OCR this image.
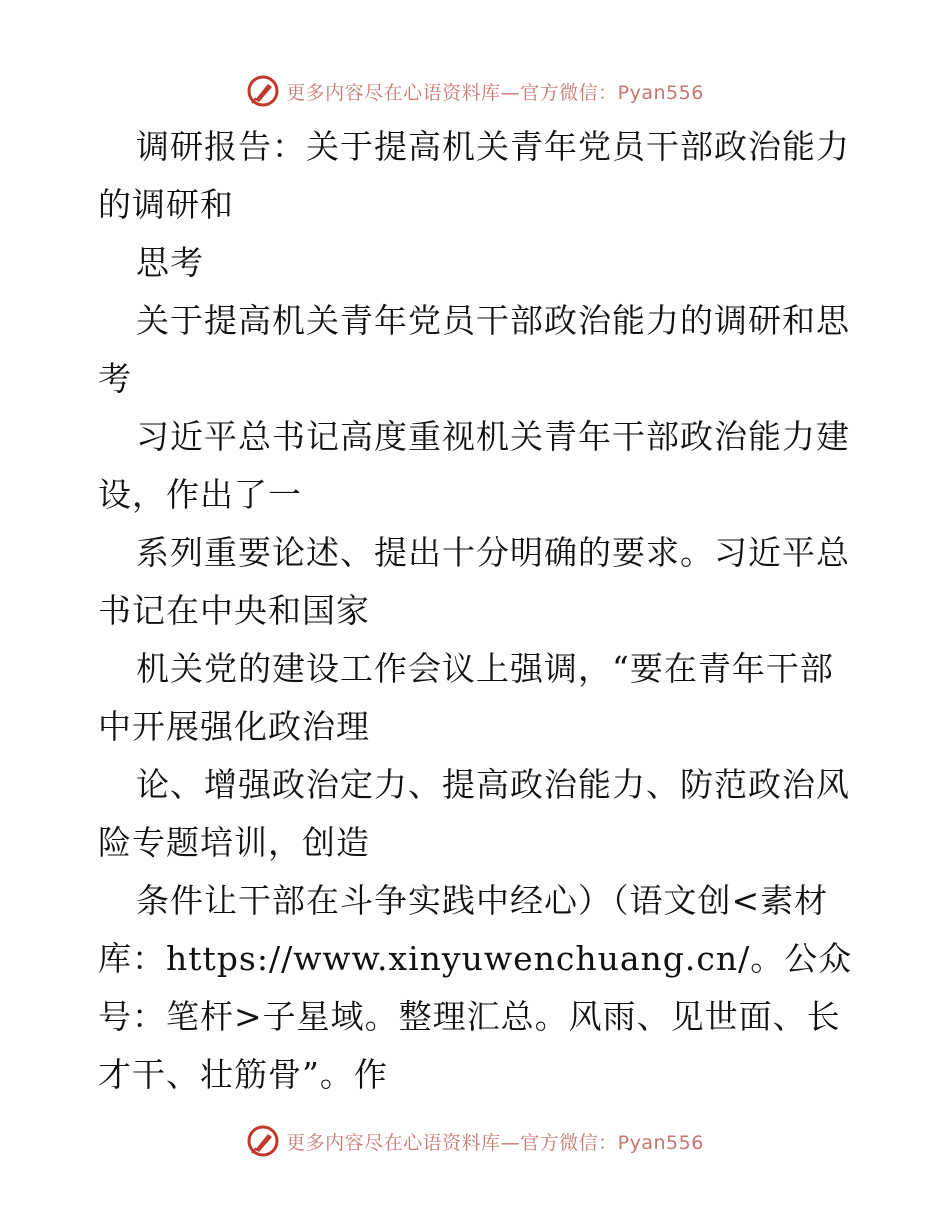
更多内容尽在心语资料库—官方微信：Pyan556

调研报告：关于提高机关青年党员干部政治能力的调研和

思考

关于提高机关青年党员干部政治能力的调研和思考

习近平总书记高度重视机关青年干部政治能力建设，作出了一

系列重要论述、提出十分明确的要求。习近平总书记在中央和国家

机关党的建设工作会议上强调，“要在青年干部中开展强化政治理

论、增强政治定力、提高政治能力、防范政治风险专题培训，创造

条件让干部在斗争实践中经心）（语文创<素材库：https://www.xinyuwenchuang.cn/。公众号：笔杆>子星域。整理汇总。风雨、见世面、长才干、壮筋骨”。作

更多内容尽在心语资料库—官方微信：Pyan556
